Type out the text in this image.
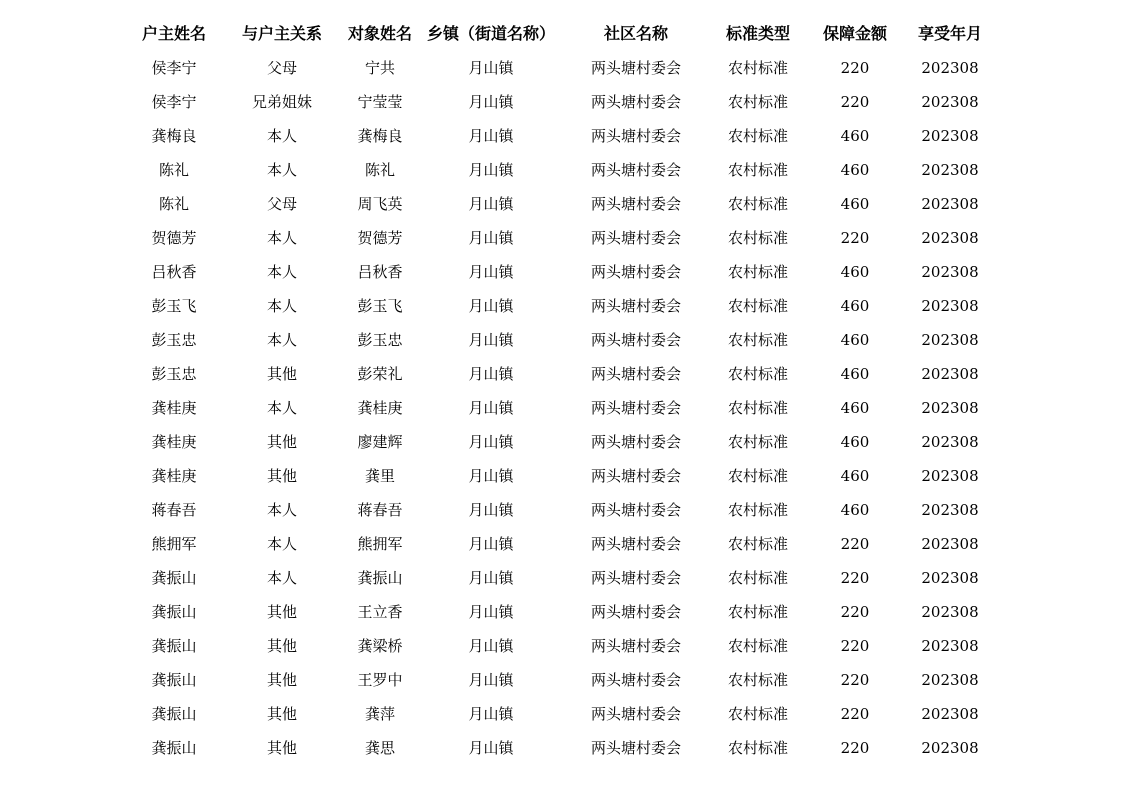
户主姓名	与户主关系	对象姓名 乡镇（街道名称）	社区名称	标准类型	保障金额	享受年月
侯李宁	父母	宁共	月山镇	两头塘村委会	农村标准	220	202308
侯李宁	兄弟姐妹	宁莹莹	月山镇	两头塘村委会	农村标准	220	202308
龚梅良	本人	龚梅良	月山镇	两头塘村委会	农村标准	460	202308
陈礼	本人	陈礼	月山镇	两头塘村委会	农村标准	460	202308
陈礼	父母	周飞英	月山镇	两头塘村委会	农村标准	460	202308
贺德芳	本人	贺德芳	月山镇	两头塘村委会	农村标准	220	202308
吕秋香	本人	吕秋香	月山镇	两头塘村委会	农村标准	460	202308
彭玉飞	本人	彭玉飞	月山镇	两头塘村委会	农村标准	460	202308
彭玉忠	本人	彭玉忠	月山镇	两头塘村委会	农村标准	460	202308
彭玉忠	其他	彭荣礼	月山镇	两头塘村委会	农村标准	460	202308
龚桂庚	本人	龚桂庚	月山镇	两头塘村委会	农村标准	460	202308
龚桂庚	其他	廖建辉	月山镇	两头塘村委会	农村标准	460	202308
龚桂庚	其他	龚里	月山镇	两头塘村委会	农村标准	460	202308
蒋春吾	本人	蒋春吾	月山镇	两头塘村委会	农村标准	460	202308
熊拥军	本人	熊拥军	月山镇	两头塘村委会	农村标准	220	202308
龚振山	本人	龚振山	月山镇	两头塘村委会	农村标准	220	202308
龚振山	其他	王立香	月山镇	两头塘村委会	农村标准	220	202308
龚振山	其他	龚梁桥	月山镇	两头塘村委会	农村标准	220	202308
龚振山	其他	王罗中	月山镇	两头塘村委会	农村标准	220	202308
龚振山	其他	龚萍	月山镇	两头塘村委会	农村标准	220	202308
龚振山	其他	龚思	月山镇	两头塘村委会	农村标准	220	202308
